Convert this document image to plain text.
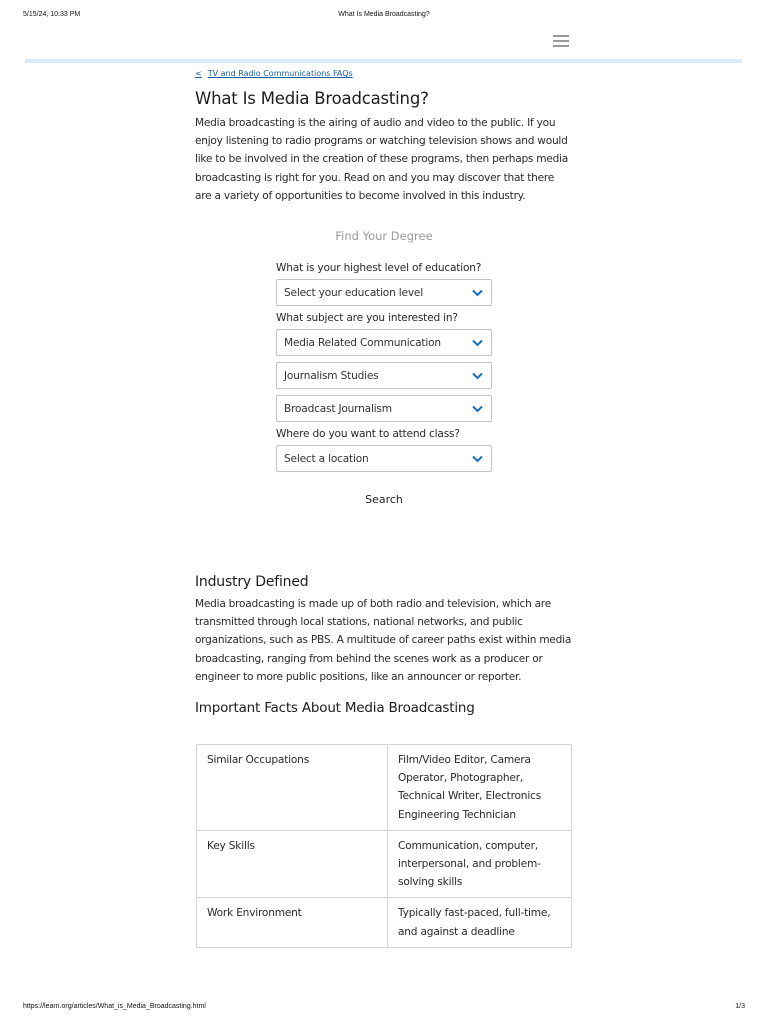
5/15/24, 10:33 PM	What Is Media Broadcasting?
< TV and Radio Communications FAQs
What Is Media Broadcasting?

Media broadcasting is the airing of audio and video to the public. If you enjoy listening to radio programs or watching television shows and would like to be involved in the creation of these programs, then perhaps media broadcasting is right for you. Read on and you may discover that there are a variety of opportunities to become involved in this industry.

Find Your Degree
What is your highest level of education?
Select your education level
What subject are you interested in?
Media Related Communication
Journalism Studies
Broadcast Journalism
Where do you want to attend class?
Select a location
Search
Industry Defined

Media broadcasting is made up of both radio and television, which are transmitted through local stations, national networks, and public organizations, such as PBS. A multitude of career paths exist within media broadcasting, ranging from behind the scenes work as a producer or engineer to more public positions, like an announcer or reporter.

Important Facts About Media Broadcasting
Similar Occupations	Film/Video Editor, Camera Operator, Photographer, Technical Writer, Electronics Engineering Technician
Key Skills	Communication, computer, interpersonal, and problem-solving skills
Work Environment	Typically fast-paced, full-time, and against a deadline
https://learn.org/articles/What_is_Media_Broadcasting.html	1/3
